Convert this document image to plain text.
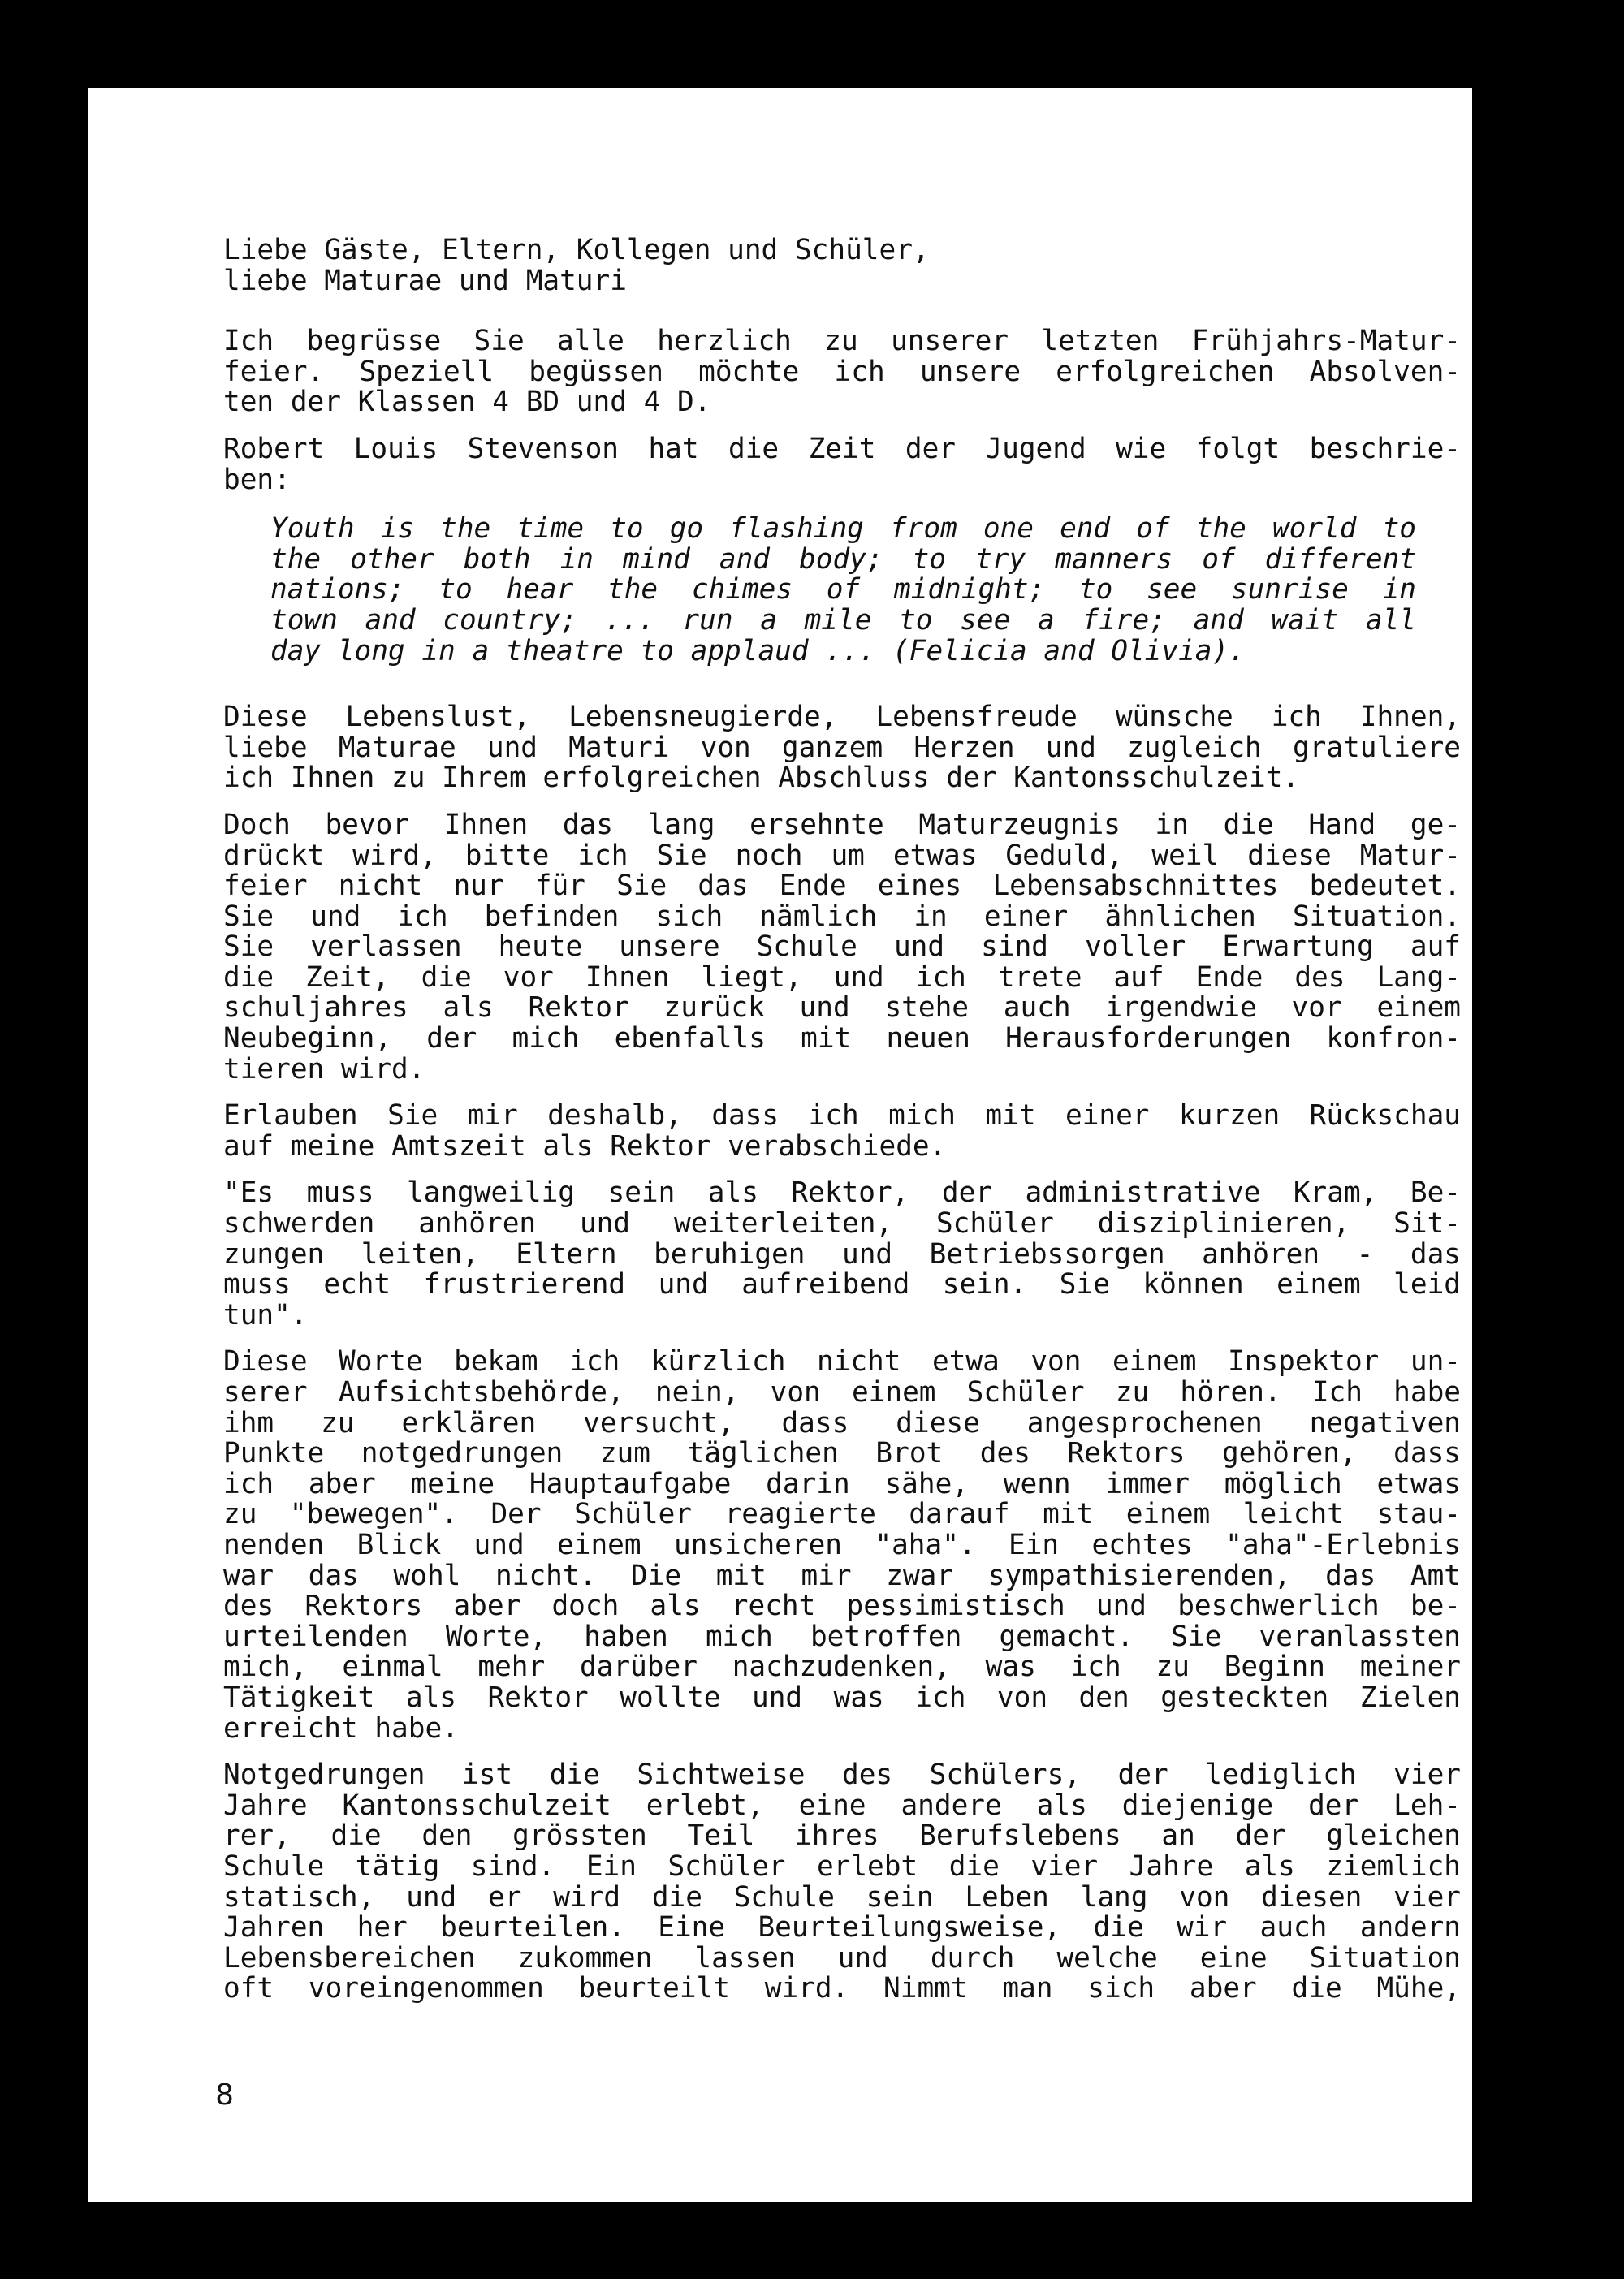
Liebe Gäste, Eltern, Kollegen und Schüler,
liebe Maturae und Maturi
Ich begrüsse Sie alle herzlich zu unserer letzten Frühjahrs-Matur-
feier. Speziell begüssen möchte ich unsere erfolgreichen Absolven-
ten der Klassen 4 BD und 4 D.
Robert Louis Stevenson hat die Zeit der Jugend wie folgt beschrie-
ben:
Youth is the time to go flashing from one end of the world to
the other both in mind and body; to try manners of different
nations; to hear the chimes of midnight; to see sunrise in
town and country; ... run a mile to see a fire; and wait all
day long in a theatre to applaud ... (Felicia and Olivia).
Diese Lebenslust, Lebensneugierde, Lebensfreude wünsche ich Ihnen,
liebe Maturae und Maturi von ganzem Herzen und zugleich gratuliere
ich Ihnen zu Ihrem erfolgreichen Abschluss der Kantonsschulzeit.
Doch bevor Ihnen das lang ersehnte Maturzeugnis in die Hand ge-
drückt wird, bitte ich Sie noch um etwas Geduld, weil diese Matur-
feier nicht nur für Sie das Ende eines Lebensabschnittes bedeutet.
Sie und ich befinden sich nämlich in einer ähnlichen Situation.
Sie verlassen heute unsere Schule und sind voller Erwartung auf
die Zeit, die vor Ihnen liegt, und ich trete auf Ende des Lang-
schuljahres als Rektor zurück und stehe auch irgendwie vor einem
Neubeginn, der mich ebenfalls mit neuen Herausforderungen konfron-
tieren wird.
Erlauben Sie mir deshalb, dass ich mich mit einer kurzen Rückschau
auf meine Amtszeit als Rektor verabschiede.
"Es muss langweilig sein als Rektor, der administrative Kram, Be-
schwerden anhören und weiterleiten, Schüler disziplinieren, Sit-
zungen leiten, Eltern beruhigen und Betriebssorgen anhören - das
muss echt frustrierend und aufreibend sein. Sie können einem leid
tun".
Diese Worte bekam ich kürzlich nicht etwa von einem Inspektor un-
serer Aufsichtsbehörde, nein, von einem Schüler zu hören. Ich habe
ihm zu erklären versucht, dass diese angesprochenen negativen
Punkte notgedrungen zum täglichen Brot des Rektors gehören, dass
ich aber meine Hauptaufgabe darin sähe, wenn immer möglich etwas
zu "bewegen". Der Schüler reagierte darauf mit einem leicht stau-
nenden Blick und einem unsicheren "aha". Ein echtes "aha"-Erlebnis
war das wohl nicht. Die mit mir zwar sympathisierenden, das Amt
des Rektors aber doch als recht pessimistisch und beschwerlich be-
urteilenden Worte, haben mich betroffen gemacht. Sie veranlassten
mich, einmal mehr darüber nachzudenken, was ich zu Beginn meiner
Tätigkeit als Rektor wollte und was ich von den gesteckten Zielen
erreicht habe.
Notgedrungen ist die Sichtweise des Schülers, der lediglich vier
Jahre Kantonsschulzeit erlebt, eine andere als diejenige der Leh-
rer, die den grössten Teil ihres Berufslebens an der gleichen
Schule tätig sind. Ein Schüler erlebt die vier Jahre als ziemlich
statisch, und er wird die Schule sein Leben lang von diesen vier
Jahren her beurteilen. Eine Beurteilungsweise, die wir auch andern
Lebensbereichen zukommen lassen und durch welche eine Situation
oft voreingenommen beurteilt wird. Nimmt man sich aber die Mühe,
8
